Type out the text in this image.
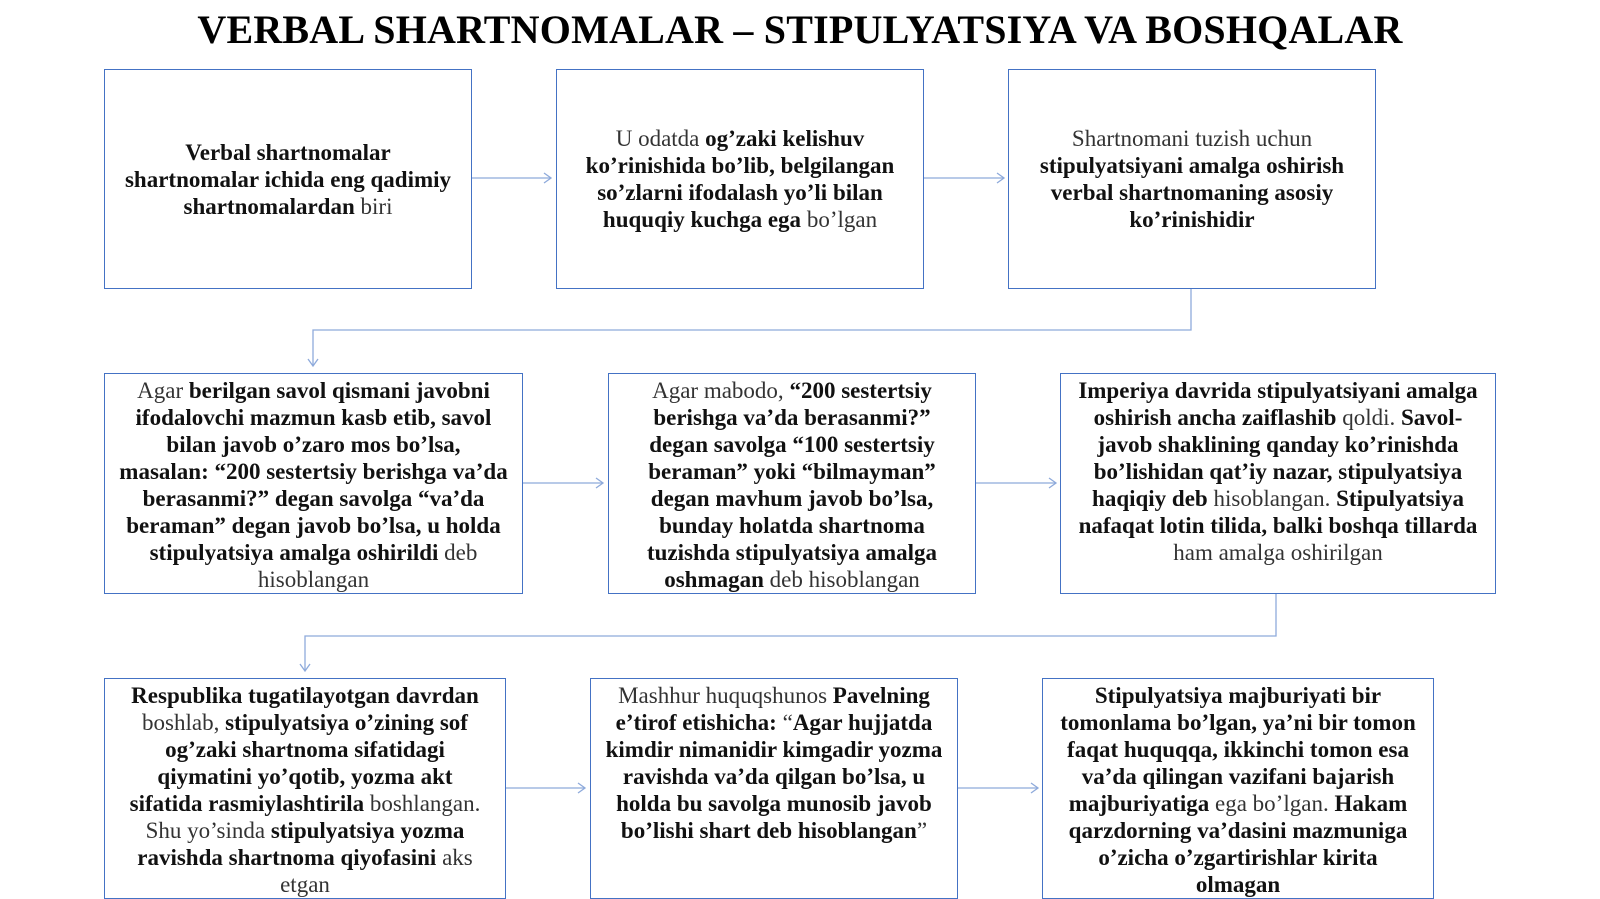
VERBAL SHARTNOMALAR – STIPULYATSIYA VA BOSHQALAR

Verbal shartnomalar shartnomalar ichida eng qadimiy shartnomalardan biri

U odatda og’zaki kelishuv ko’rinishida bo’lib, belgilangan so’zlarni ifodalash yo’li bilan huquqiy kuchga ega bo’lgan

Shartnomani tuzish uchun stipulyatsiyani amalga oshirish verbal shartnomaning asosiy ko’rinishidir

Agar berilgan savol qismani javobni ifodalovchi mazmun kasb etib, savol bilan javob o’zaro mos bo’lsa, masalan: “200 sestertsiy berishga va’da berasanmi?” degan savolga “va’da beraman” degan javob bo’lsa, u holda stipulyatsiya amalga oshirildi deb hisoblangan

Agar mabodo, “200 sestertsiy berishga va’da berasanmi?” degan savolga “100 sestertsiy beraman” yoki “bilmayman” degan mavhum javob bo’lsa, bunday holatda shartnoma tuzishda stipulyatsiya amalga oshmagan deb hisoblangan

Imperiya davrida stipulyatsiyani amalga oshirish ancha zaiflashib qoldi. Savol-javob shaklining qanday ko’rinishda bo’lishidan qat’iy nazar, stipulyatsiya haqiqiy deb hisoblangan. Stipulyatsiya nafaqat lotin tilida, balki boshqa tillarda ham amalga oshirilgan

Respublika tugatilayotgan davrdan boshlab, stipulyatsiya o’zining sof og’zaki shartnoma sifatidagi qiymatini yo’qotib, yozma akt sifatida rasmiylashtirila boshlangan. Shu yo’sinda stipulyatsiya yozma ravishda shartnoma qiyofasini aks etgan

Mashhur huquqshunos Pavelning e’tirof etishicha: “Agar hujjatda kimdir nimanidir kimgadir yozma ravishda va’da qilgan bo’lsa, u holda bu savolga munosib javob bo’lishi shart deb hisoblangan”

Stipulyatsiya majburiyati bir tomonlama bo’lgan, ya’ni bir tomon faqat huquqqa, ikkinchi tomon esa va’da qilingan vazifani bajarish majburiyatiga ega bo’lgan. Hakam qarzdorning va’dasini mazmuniga o’zicha o’zgartirishlar kirita olmagan
